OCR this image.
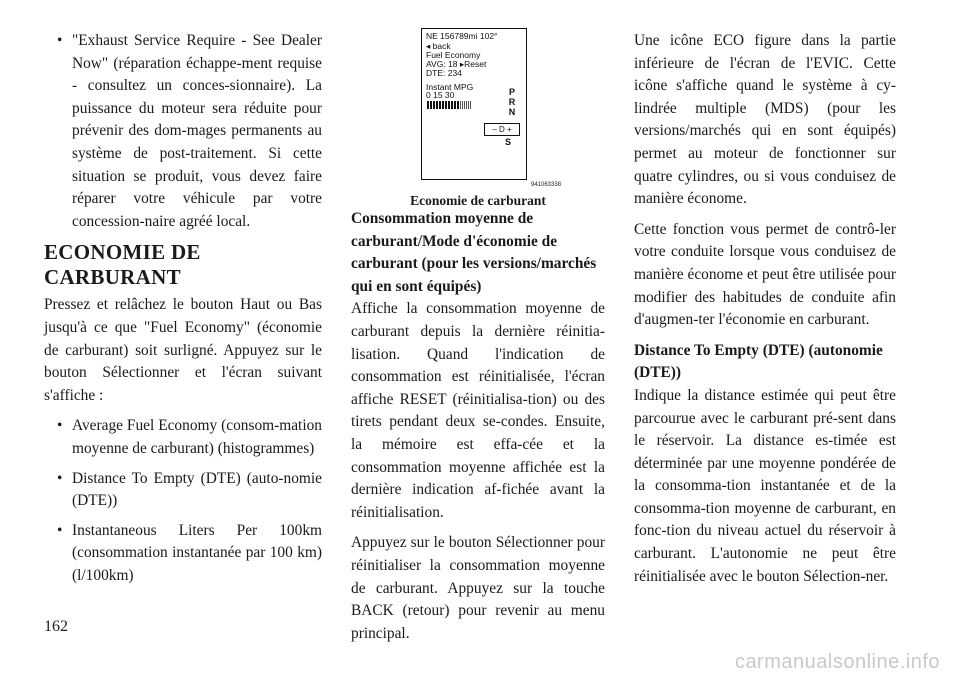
• "Exhaust Service Require - See Dealer Now" (réparation échappe-ment requise - consultez un conces-sionnaire). La puissance du moteur sera réduite pour prévenir des dom-mages permanents au système de post-traitement. Si cette situation se produit, vous devez faire réparer votre véhicule par votre concession-naire agréé local.
ECONOMIE DE CARBURANT

Pressez et relâchez le bouton Haut ou Bas jusqu'à ce que "Fuel Economy" (économie de carburant) soit surligné. Appuyez sur le bouton Sélectionner et l'écran suivant s'affiche :

• Average Fuel Economy (consom-mation moyenne de carburant) (histogrammes)
• Distance To Empty (DTE) (auto-nomie (DTE))
• Instantaneous Liters Per 100km (consommation instantanée par 100 km) (l/100km)
NE 156789mi 102°
◂ back
Fuel Economy
AVG: 18 ▸Reset
DTE: 234
Instant MPG
0 15 30	P
R
N
– D +
S
941063338
Economie de carburant

Consommation moyenne de carburant/Mode d'économie de carburant (pour les versions/marchés qui en sont équipés)

Affiche la consommation moyenne de carburant depuis la dernière réinitia-lisation. Quand l'indication de consommation est réinitialisée, l'écran affiche RESET (réinitialisa-tion) ou des tirets pendant deux se-condes. Ensuite, la mémoire est effa-cée et la consommation moyenne affichée est la dernière indication af-fichée avant la réinitialisation.

Appuyez sur le bouton Sélectionner pour réinitialiser la consommation moyenne de carburant. Appuyez sur la touche BACK (retour) pour revenir au menu principal.

Une icône ECO figure dans la partie inférieure de l'écran de l'EVIC. Cette icône s'affiche quand le système à cy-lindrée multiple (MDS) (pour les versions/marchés qui en sont équipés) permet au moteur de fonctionner sur quatre cylindres, ou si vous conduisez de manière économe.

Cette fonction vous permet de contrô-ler votre conduite lorsque vous conduisez de manière économe et peut être utilisée pour modifier des habitudes de conduite afin d'augmen-ter l'économie en carburant.

Distance To Empty (DTE) (autonomie (DTE))

Indique la distance estimée qui peut être parcourue avec le carburant pré-sent dans le réservoir. La distance es-timée est déterminée par une moyenne pondérée de la consomma-tion instantanée et de la consomma-tion moyenne de carburant, en fonc-tion du niveau actuel du réservoir à carburant. L'autonomie ne peut être réinitialisée avec le bouton Sélection-ner.

162
carmanualsonline.info
